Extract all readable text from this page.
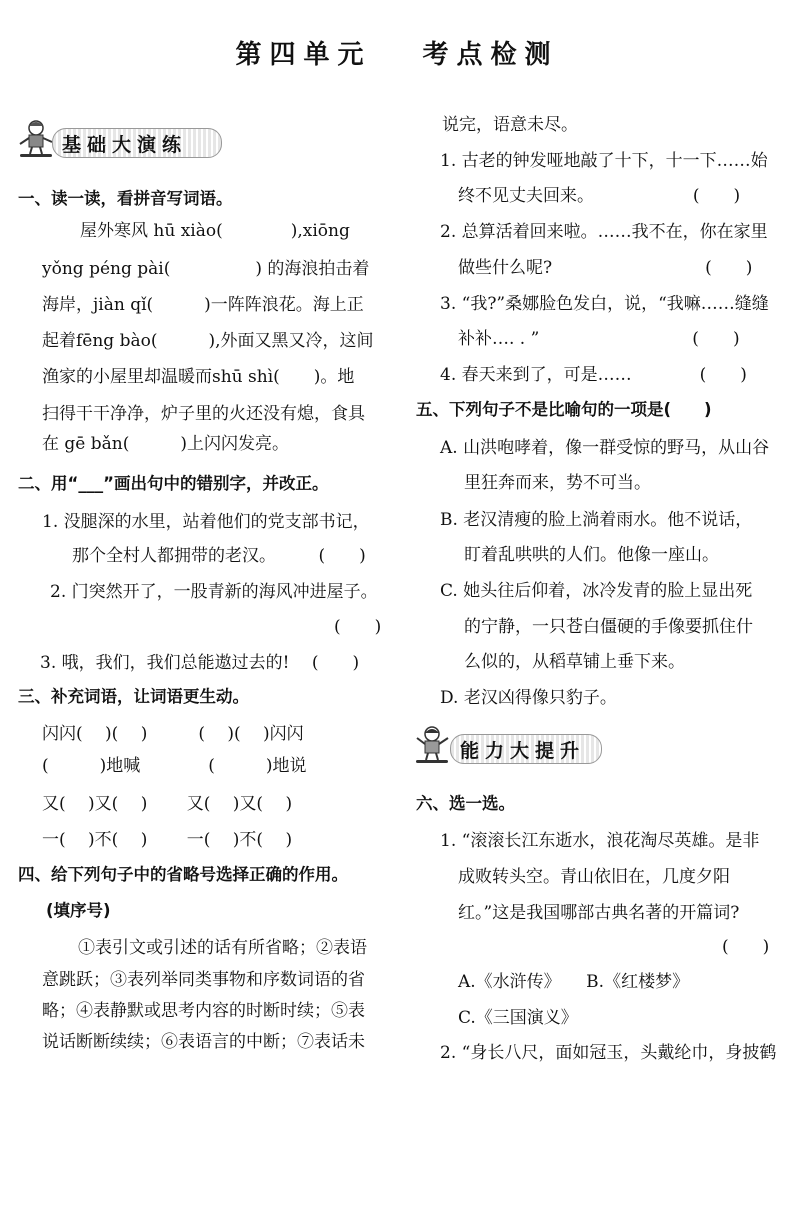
第四单元　 考点检测
基础大演练
能力大提升
一、读一读，看拼音写词语。
屋外寒风 hū xiào(　　　　),xiōng
yǒng péng pài(　　　　　) 的海浪拍击着
海岸，jiàn qǐ(　　　)一阵阵浪花。海上正
起着fēng bào(　　　),外面又黑又冷，这间
渔家的小屋里却温暖而shū shì(　　)。地
扫得干干净净，炉子里的火还没有熄，食具
在 gē bǎn(　　　)上闪闪发亮。
二、用“___”画出句中的错别字，并改正。
1. 没腿深的水里，站着他们的党支部书记，
那个全村人都拥带的老汉。　　　(　　)
2. 门突然开了，一股青新的海风冲进屋子。
(　　)
3. 哦，我们，我们总能遨过去的!　 (　　)
三、补充词语，让词语更生动。
闪闪(　 )(　 )　　　(　 )(　 )闪闪
(　　　)地喊　　　　(　　　)地说
又(　 )又(　 )　　 又(　 )又(　 )
一(　 )不(　 )　　 一(　 )不(　 )
四、给下列句子中的省略号选择正确的作用。
(填序号)
①表引文或引述的话有所省略；②表语
意跳跃；③表列举同类事物和序数词语的省
略；④表静默或思考内容的时断时续；⑤表
说话断断续续；⑥表语言的中断；⑦表话未
说完，语意未尽。
1. 古老的钟发哑地敲了十下，十一下……始
终不见丈夫回来。　　　　　　 (　　)
2. 总算活着回来啦。……我不在，你在家里
做些什么呢?　　　　　　　　　(　　)
3. “我?”桑娜脸色发白，说，“我嘛……缝缝
补补…. . ”　　　　　　　　　(　　)
4. 春天来到了，可是……　　　　(　　)
五、下列句子不是比喻句的一项是(　　)
A. 山洪咆哮着，像一群受惊的野马，从山谷
里狂奔而来，势不可当。
B. 老汉清瘦的脸上淌着雨水。他不说话，
盯着乱哄哄的人们。他像一座山。
C. 她头往后仰着，冰冷发青的脸上显出死
的宁静，一只苍白僵硬的手像要抓住什
么似的，从稻草铺上垂下来。
D. 老汉凶得像只豹子。
六、选一选。
1. “滚滚长江东逝水，浪花淘尽英雄。是非
成败转头空。青山依旧在，几度夕阳
红。”这是我国哪部古典名著的开篇词?
(　　)
A.《水浒传》　　B.《红楼梦》
C.《三国演义》
2. “身长八尺，面如冠玉，头戴纶巾，身披鹤
